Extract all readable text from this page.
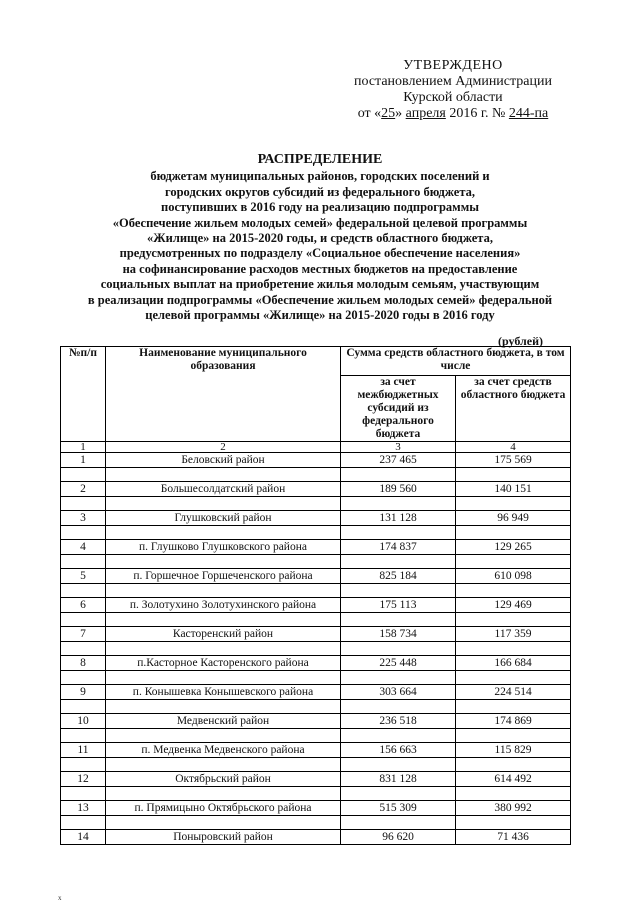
УТВЕРЖДЕНО
постановлением Администрации
Курской области
от «25» апреля 2016 г. № 244-па
РАСПРЕДЕЛЕНИЕ
бюджетам муниципальных районов, городских поселений и
городских округов субсидий из федерального бюджета,
поступивших в 2016 году на реализацию подпрограммы
«Обеспечение жильем молодых семей» федеральной целевой программы
«Жилище» на 2015-2020 годы, и средств областного бюджета,
предусмотренных по подразделу «Социальное обеспечение населения»
на софинансирование расходов местных бюджетов на предоставление
социальных выплат на приобретение жилья молодым семьям, участвующим
в реализации подпрограммы «Обеспечение жильем молодых семей» федеральной
целевой программы «Жилище» на 2015-2020 годы в 2016 году
(рублей)
№п/п	Наименование муниципального образования	Сумма средств областного бюджета, в том числе	
		за счет межбюджетных субсидий из федерального бюджета	за счет средств областного бюджета
1	2	3	4
1	Беловский район	237 465	175 569

2	Большесолдатский район	189 560	140 151

3	Глушковский район	131 128	96 949

4	п. Глушково Глушковского района	174 837	129 265

5	п. Горшечное Горшеченского района	825 184	610 098

6	п. Золотухино Золотухинского района	175 113	129 469

7	Касторенский район	158 734	117 359

8	п.Касторное Касторенского района	225 448	166 684

9	п. Конышевка Конышевского района	303 664	224 514

10	Медвенский район	236 518	174 869

11	п. Медвенка Медвенского района	156 663	115 829

12	Октябрьский район	831 128	614 492

13	п. Прямицыно Октябрьского района	515 309	380 992

14	Поныровский район	96 620	71 436
ₓ
